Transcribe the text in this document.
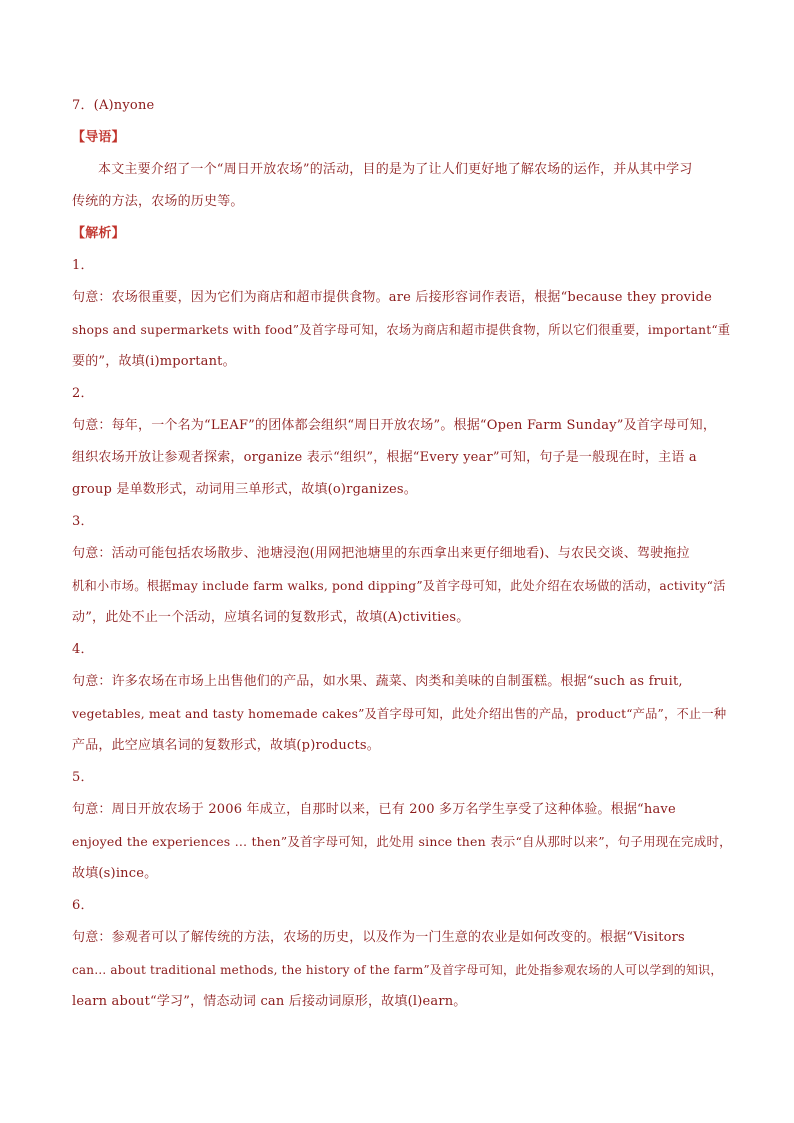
7．(A)nyone
【导语】
本文主要介绍了一个“周日开放农场”的活动，目的是为了让人们更好地了解农场的运作，并从其中学习
传统的方法，农场的历史等。
【解析】
1．
句意：农场很重要，因为它们为商店和超市提供食物。are 后接形容词作表语，根据“because they provide
shops and supermarkets with food”及首字母可知，农场为商店和超市提供食物，所以它们很重要，important“重
要的”，故填(i)mportant。
2．
句意：每年，一个名为“LEAF”的团体都会组织“周日开放农场”。根据“Open Farm Sunday”及首字母可知，
组织农场开放让参观者探索，organize 表示“组织”，根据“Every year”可知，句子是一般现在时，主语 a
group 是单数形式，动词用三单形式，故填(o)rganizes。
3．
句意：活动可能包括农场散步、池塘浸泡(用网把池塘里的东西拿出来更仔细地看)、与农民交谈、驾驶拖拉
机和小市场。根据may include farm walks, pond dipping”及首字母可知，此处介绍在农场做的活动，activity“活
动”，此处不止一个活动，应填名词的复数形式，故填(A)ctivities。
4．
句意：许多农场在市场上出售他们的产品，如水果、蔬菜、肉类和美味的自制蛋糕。根据“such as fruit,
vegetables, meat and tasty homemade cakes”及首字母可知，此处介绍出售的产品，product“产品”，不止一种
产品，此空应填名词的复数形式，故填(p)roducts。
5．
句意：周日开放农场于 2006 年成立，自那时以来，已有 200 多万名学生享受了这种体验。根据“have
enjoyed the experiences … then”及首字母可知，此处用 since then 表示“自从那时以来”，句子用现在完成时，
故填(s)ince。
6．
句意：参观者可以了解传统的方法，农场的历史，以及作为一门生意的农业是如何改变的。根据“Visitors
can… about traditional methods, the history of the farm”及首字母可知，此处指参观农场的人可以学到的知识，
learn about“学习”，情态动词 can 后接动词原形，故填(l)earn。
